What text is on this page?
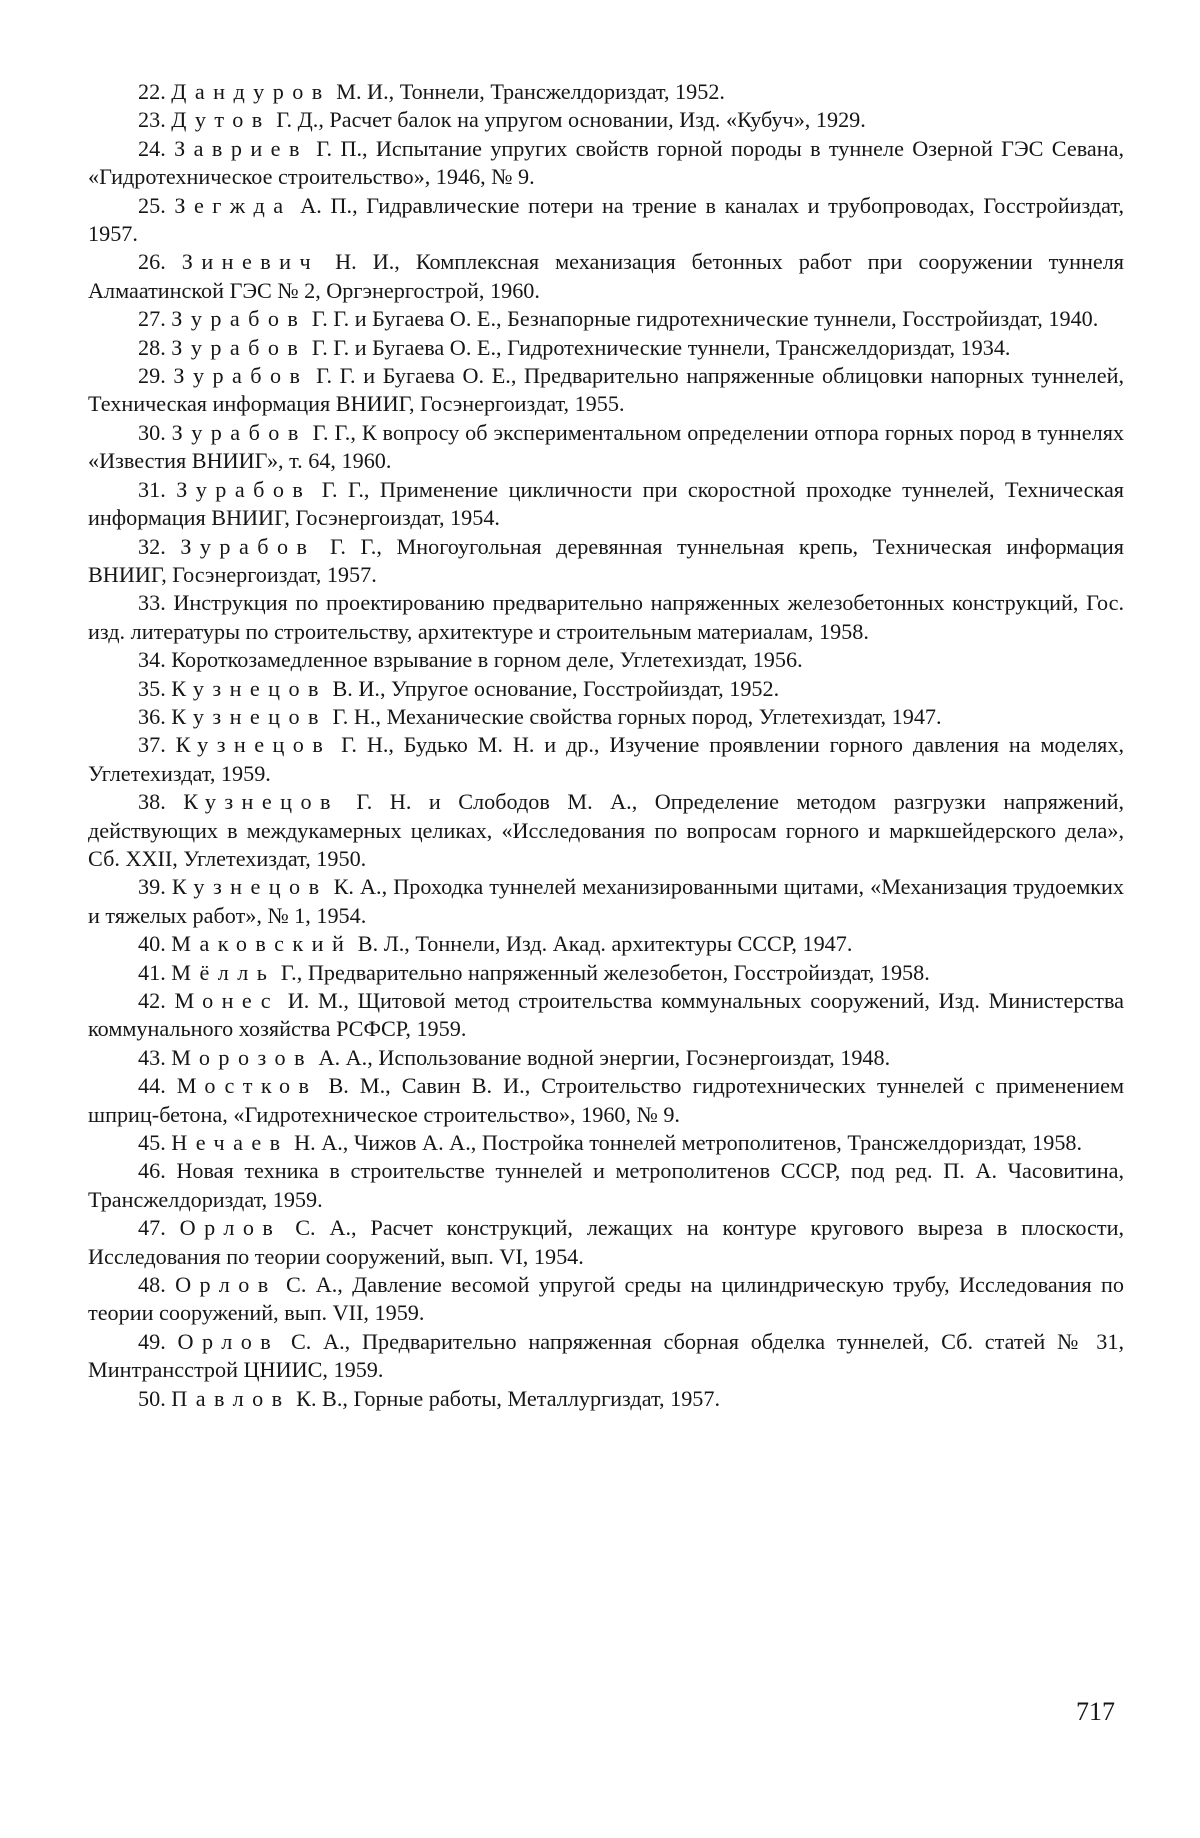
22. Дандуров М. И., Тоннели, Трансжелдориздат, 1952.
23. Дутов Г. Д., Расчет балок на упругом основании, Изд. «Кубуч», 1929.
24. Завриев Г. П., Испытание упругих свойств горной породы в туннеле Озерной ГЭС Севана, «Гидротехническое строительство», 1946, № 9.
25. Зегжда А. П., Гидравлические потери на трение в каналах и трубопроводах, Госстройиздат, 1957.
26. Зиневич Н. И., Комплексная механизация бетонных работ при сооружении туннеля Алмаатинской ГЭС № 2, Оргэнергострой, 1960.
27. Зурабов Г. Г. и Бугаева О. Е., Безнапорные гидротехнические туннели, Госстройиздат, 1940.
28. Зурабов Г. Г. и Бугаева О. Е., Гидротехнические туннели, Трансжелдориздат, 1934.
29. Зурабов Г. Г. и Бугаева О. Е., Предварительно напряженные облицовки напорных туннелей, Техническая информация ВНИИГ, Госэнергоиздат, 1955.
30. Зурабов Г. Г., К вопросу об экспериментальном определении отпора горных пород в туннелях «Известия ВНИИГ», т. 64, 1960.
31. Зурабов Г. Г., Применение цикличности при скоростной проходке туннелей, Техническая информация ВНИИГ, Госэнергоиздат, 1954.
32. Зурабов Г. Г., Многоугольная деревянная туннельная крепь, Техническая информация ВНИИГ, Госэнергоиздат, 1957.
33. Инструкция по проектированию предварительно напряженных железобетонных конструкций, Гос. изд. литературы по строительству, архитектуре и строительным материалам, 1958.
34. Короткозамедленное взрывание в горном деле, Углетехиздат, 1956.
35. Кузнецов В. И., Упругое основание, Госстройиздат, 1952.
36. Кузнецов Г. Н., Механические свойства горных пород, Углетехиздат, 1947.
37. Кузнецов Г. Н., Будько М. Н. и др., Изучение проявлении горного давления на моделях, Углетехиздат, 1959.
38. Кузнецов Г. Н. и Слободов М. А., Определение методом разгрузки напряжений, действующих в междукамерных целиках, «Исследования по вопросам горного и маркшейдерского дела», Сб. XXII, Углетехиздат, 1950.
39. Кузнецов К. А., Проходка туннелей механизированными щитами, «Механизация трудоемких и тяжелых работ», № 1, 1954.
40. Маковский В. Л., Тоннели, Изд. Акад. архитектуры СССР, 1947.
41. Мёлль Г., Предварительно напряженный железобетон, Госстройиздат, 1958.
42. Монес И. М., Щитовой метод строительства коммунальных сооружений, Изд. Министерства коммунального хозяйства РСФСР, 1959.
43. Морозов А. А., Использование водной энергии, Госэнергоиздат, 1948.
44. Мостков В. М., Савин В. И., Строительство гидротехнических туннелей с применением шприц-бетона, «Гидротехническое строительство», 1960, № 9.
45. Нечаев Н. А., Чижов А. А., Постройка тоннелей метрополитенов, Трансжелдориздат, 1958.
46. Новая техника в строительстве туннелей и метрополитенов СССР, под ред. П. А. Часовитина, Трансжелдориздат, 1959.
47. Орлов С. А., Расчет конструкций, лежащих на контуре кругового выреза в плоскости, Исследования по теории сооружений, вып. VI, 1954.
48. Орлов С. А., Давление весомой упругой среды на цилиндрическую трубу, Исследования по теории сооружений, вып. VII, 1959.
49. Орлов С. А., Предварительно напряженная сборная обделка туннелей, Сб. статей № 31, Минтрансстрой ЦНИИС, 1959.
50. Павлов К. В., Горные работы, Металлургиздат, 1957.
717
